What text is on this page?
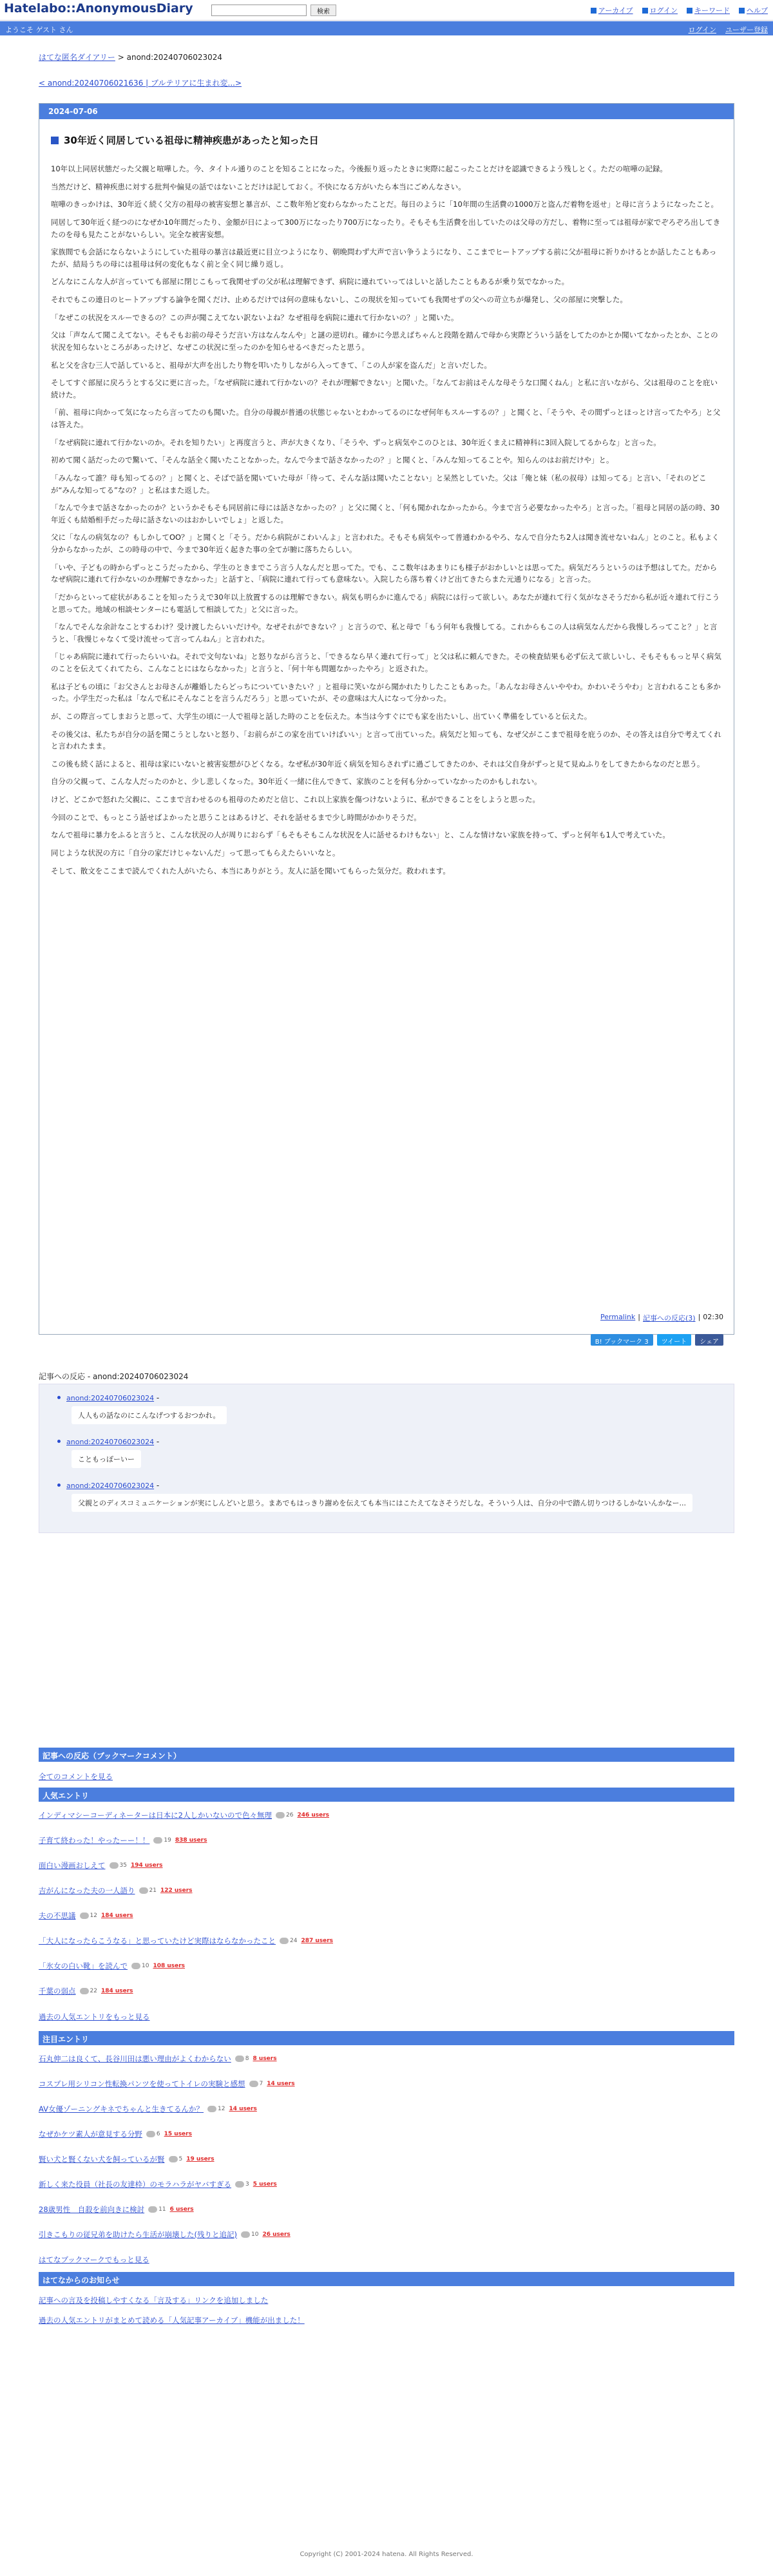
Hatelabo::AnonymousDiary	検索	アーカイブ ログイン キーワード ヘルプ
ようこそ ゲスト さん	ログイン ユーザー登録
はてな匿名ダイアリー > anond:20240706023024
< anond:20240706021636 | ブルテリアに生まれ変...>
2024-07-06
30年近く同居している祖母に精神疾患があったと知った日

10年以上同居状態だった父親と喧嘩した。今、タイトル通りのことを知ることになった。今後振り返ったときに実際に起こったことだけを認識できるよう残しとく。ただの喧嘩の記録。

当然だけど、精神疾患に対する批判や偏見の話ではないことだけは記しておく。不快になる方がいたら本当にごめんなさい。

喧嘩のきっかけは、30年近く続く父方の祖母の被害妄想と暴言が、ここ数年殆ど変わらなかったことだ。毎日のように「10年間の生活費の1000万と盗んだ着物を返せ」と母に言うようになったこと。

同居して30年近く経つのになぜか10年間だったり、金額が日によって300万になったり700万になったり。そもそも生活費を出していたのは父母の方だし、着物に至っては祖母が家でぞろぞろ出してきたのを母も見たことがないらしい。完全な被害妄想。

家族間でも会話にならないようにしていた祖母の暴言は最近更に目立つようになり、朝晩問わず大声で言い争うようになり、ここまでヒートアップする前に父が祖母に祈りかけるとか話したこともあったが、結局うちの母には祖母は何の変化もなく前と全く同じ繰り返し。

どんなにこんな人が言っていても部屋に閉じこもって我関せずの父が私は理解できず、病院に連れていってはしいと話したこともあるが乗り気でなかった。

それでもこの連日のヒートアップする論争を聞くだけ、止めるだけでは何の意味もないし、この現状を知っていても我関せずの父への苛立ちが爆発し、父の部屋に突撃した。

「なぜこの状況をスルーできるの？この声が聞こえてない訳ないよね？なぜ祖母を病院に連れて行かないの？」と聞いた。

父は「声なんて聞こえてない。そもそもお前の母そうだ言い方はなんなんや」と謎の逆切れ。確かに今思えばちゃんと段階を踏んで母から実際どういう話をしてたのかとか聞いてなかったとか、ことの状況を知らないところがあったけど、なぜこの状況に至ったのかを知らせるべきだったと思う。

私と父を含む三人で話していると、祖母が大声を出したり物を叩いたりしながら入ってきて、「この人が家を盗んだ」と言いだした。

そしてすぐ部屋に戻ろうとする父に更に言った。「なぜ病院に連れて行かないの？それが理解できない」と聞いた。「なんてお前はそんな母そうな口聞くねん」と私に言いながら、父は祖母のことを庇い続けた。

「前、祖母に向かって気になったら言ってたのも聞いた。自分の母親が普通の状態じゃないとわかってるのになぜ何年もスルーするの？」と聞くと、「そうや、その間ずっとほっとけ言ってたやろ」と父は答えた。

「なぜ病院に連れて行かないのか。それを知りたい」と再度言うと、声が大きくなり、「そうや、ずっと病気やこのひとは、30年近くまえに精神科に3回入院してるからな」と言った。

初めて聞く話だったので驚いて、「そんな話全く聞いたことなかった。なんで今まで話さなかったの？」と聞くと、「みんな知ってることや。知らんのはお前だけや」と。

「みんなって誰？母も知ってるの？」と聞くと、そばで話を聞いていた母が「待って、そんな話は聞いたことない」と呆然としていた。父は「俺と妹（私の叔母）は知ってる」と言い、「それのどこが“みんな知ってる”なの？」と私はまた返した。

「なんで今まで話さなかったのか？というかそもそも同居前に母には話さなかったの？」と父に聞くと、「何も聞かれなかったから。今まで言う必要なかったやろ」と言った。「祖母と同居の話の時、30年近くも結婚相手だった母に話さないのはおかしいでしょ」と返した。

父に「なんの病気なの？もしかしてOO？」と聞くと「そう。だから病院がこわいんよ」と言われた。そもそも病気やって普通わかるやろ、なんで自分たち2人は聞き流せないねん」とのこと。私もよく分からなかったが、この時母の中で、今まで30年近く起きた事の全てが腑に落ちたらしい。

「いや、子どもの時からずっとこうだったから、学生のときまでこう言う人なんだと思ってた。でも、ここ数年はあまりにも様子がおかしいとは思ってた。病気だろうというのは予想はしてた。だからなぜ病院に連れて行かないのか理解できなかった」と話すと、「病院に連れて行っても意味ない。入院したら落ち着くけど出てきたらまた元通りになる」と言った。

「だからといって症状があることを知ったうえで30年以上放置するのは理解できない。病気も明らかに進んでる」病院には行って欲しい。あなたが連れて行く気がなさそうだから私が近々連れて行こうと思ってた。地域の相談センターにも電話して相談してた」と父に言った。

「なんでそんな余計なことするわけ？受け渡したらいいだけや。なぜそれができない？」と言うので、私と母で「もう何年も我慢してる。これからもこの人は病気なんだから我慢しろってこと？」と言うと、「我慢じゃなくて受け流せって言ってんねん」と言われた。

「じゃあ病院に連れて行ったらいいね。それで文句ないね」と怒りながら言うと、「できるなら早く連れて行って」と父は私に頼んできた。その検査結果も必ず伝えて欲しいし、そもそももっと早く病気のことを伝えてくれてたら、こんなことにはならなかった」と言うと、「何十年も問題なかったやろ」と返された。

私は子どもの頃に「お父さんとお母さんが離婚したらどっちについていきたい？」と祖母に笑いながら聞かれたりしたこともあった。「あんなお母さんいややわ。かわいそうやわ」と言われることも多かった。小学生だった私は「なんで私にそんなことを言うんだろう」と思っていたが、その意味は大人になって分かった。

が、この際言ってしまおうと思って、大学生の頃に一人で祖母と話した時のことを伝えた。本当は今すぐにでも家を出たいし、出ていく準備をしていると伝えた。

その後父は、私たちが自分の話を聞こうとしないと怒り、「お前らがこの家を出ていけばいい」と言って出ていった。病気だと知っても、なぜ父がここまで祖母を庇うのか、その答えは自分で考えてくれと言われたまま。

この後も続く話によると、祖母は家にいないと被害妄想がひどくなる。なぜ私が30年近く病気を知らされずに過ごしてきたのか、それは父自身がずっと見て見ぬふりをしてきたからなのだと思う。

自分の父親って、こんな人だったのかと、少し悲しくなった。30年近く一緒に住んできて、家族のことを何も分かっていなかったのかもしれない。

けど、どこかで怒れた父親に、ここまで言わせるのも祖母のためだと信じ、これ以上家族を傷つけないように、私ができることをしようと思った。

今回のことで、もっとこう話せばよかったと思うことはあるけど、それを話せるまで少し時間がかかりそうだ。

なんで祖母に暴力をふると言うと、こんな状況の人が周りにおらず「もそもそもこんな状況を人に話せるわけもない」と、こんな情けない家族を持って、ずっと何年も1人で考えていた。

同じような状況の方に「自分の家だけじゃないんだ」って思ってもらえたらいいなと。

そして、散文をここまで読んでくれた人がいたら、本当にありがとう。友人に話を聞いてもらった気分だ。救われます。

Permalink | 記事への反応(3) | 02:30
B! ブックマーク 3	ツイート	シェア
記事への反応 - anond:20240706023024
anond:20240706023024 -
人人もの話なのにこんなげつするおつかれ。
anond:20240706023024 -
こともっぽーいー
anond:20240706023024 -
父親とのディスコミュニケーションが実にしんどいと思う。まあでもはっきり謝めを伝えても本当にはこたえてなさそうだしな。そういう人は、自分の中で踏ん切りつけるしかないんかなー...
記事への反応（ブックマークコメント）
全てのコメントを見る
人気エントリ
インディマシーコーディネーターは日本に2人しかいないので色々無理 26 246 users
子育て終わった！やったーー！！ 19 838 users
面白い漫画おしえて 35 194 users
吉がんになった夫の一人語り 21 122 users
夫の不思議 12 184 users
「大人になったらこうなる」と思っていたけど実際はならなかったこと 24 287 users
「氷女の白い靴」を読んで 10 108 users
千葉の弱点 22 184 users
過去の人気エントリをもっと見る
注目エントリ
石丸伸二は良くて、長谷川田は悪い理由がよくわからない 8 8 users
コスプレ用シリコン性転換パンツを使ってトイレの実験と感想 7 14 users
AV女優ゾーニングキネでちゃんと生きてるんか？ 12 14 users
なぜかケツ素人が意見する分野 6 15 users
賢い犬と賢くない犬を飼っているが賢 5 19 users
新しく来た役員（社長の友達枠）のモラハラがヤバすぎる 3 5 users
28歳男性　自殺を前向きに検討 11 6 users
引きこもりの従兄弟を助けたら生活が崩壊した(残りと追記) 10 26 users
はてなブックマークでもっと見る
はてなからのお知らせ
記事への言及を投稿しやすくなる「言及する」リンクを追加しました
過去の人気エントリがまとめて読める「人気記事アーカイブ」機能が出ました！
Copyright (C) 2001-2024 hatena. All Rights Reserved.
